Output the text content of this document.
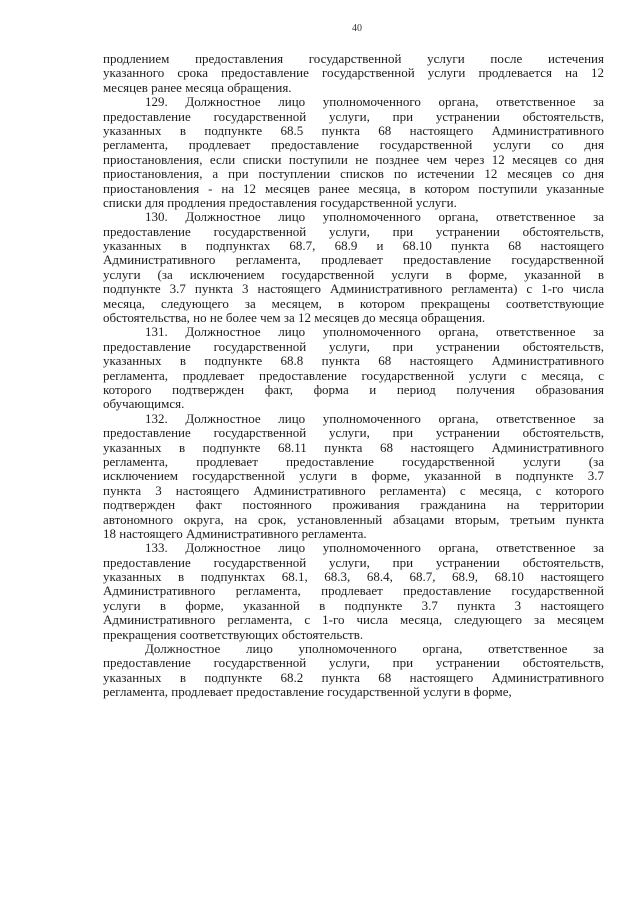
40
продлением предоставления государственной услуги после истечения
указанного срока предоставление государственной услуги продлевается на 12
месяцев ранее месяца обращения.
129. Должностное лицо уполномоченного органа, ответственное за
предоставление государственной услуги, при устранении обстоятельств,
указанных в подпункте 68.5 пункта 68 настоящего Административного
регламента, продлевает предоставление государственной услуги со дня
приостановления, если списки поступили не позднее чем через 12 месяцев со дня
приостановления, а при поступлении списков по истечении 12 месяцев со дня
приостановления - на 12 месяцев ранее месяца, в котором поступили указанные
списки для продления предоставления государственной услуги.
130. Должностное лицо уполномоченного органа, ответственное за
предоставление государственной услуги, при устранении обстоятельств,
указанных в подпунктах 68.7, 68.9 и 68.10 пункта 68 настоящего
Административного регламента, продлевает предоставление государственной
услуги (за исключением государственной услуги в форме, указанной в
подпункте 3.7 пункта 3 настоящего Административного регламента) с 1-го числа
месяца, следующего за месяцем, в котором прекращены соответствующие
обстоятельства, но не более чем за 12 месяцев до месяца обращения.
131. Должностное лицо уполномоченного органа, ответственное за
предоставление государственной услуги, при устранении обстоятельств,
указанных в подпункте 68.8 пункта 68 настоящего Административного
регламента, продлевает предоставление государственной услуги с месяца, с
которого подтвержден факт, форма и период получения образования
обучающимся.
132. Должностное лицо уполномоченного органа, ответственное за
предоставление государственной услуги, при устранении обстоятельств,
указанных в подпункте 68.11 пункта 68 настоящего Административного
регламента, продлевает предоставление государственной услуги (за
исключением государственной услуги в форме, указанной в подпункте 3.7
пункта 3 настоящего Административного регламента) с месяца, с которого
подтвержден факт постоянного проживания гражданина на территории
автономного округа, на срок, установленный абзацами вторым, третьим пункта
18 настоящего Административного регламента.
133. Должностное лицо уполномоченного органа, ответственное за
предоставление государственной услуги, при устранении обстоятельств,
указанных в подпунктах 68.1, 68.3, 68.4, 68.7, 68.9, 68.10 настоящего
Административного регламента, продлевает предоставление государственной
услуги в форме, указанной в подпункте 3.7 пункта 3 настоящего
Административного регламента, с 1-го числа месяца, следующего за месяцем
прекращения соответствующих обстоятельств.
Должностное лицо уполномоченного органа, ответственное за
предоставление государственной услуги, при устранении обстоятельств,
указанных в подпункте 68.2 пункта 68 настоящего Административного
регламента, продлевает предоставление государственной услуги в форме,
